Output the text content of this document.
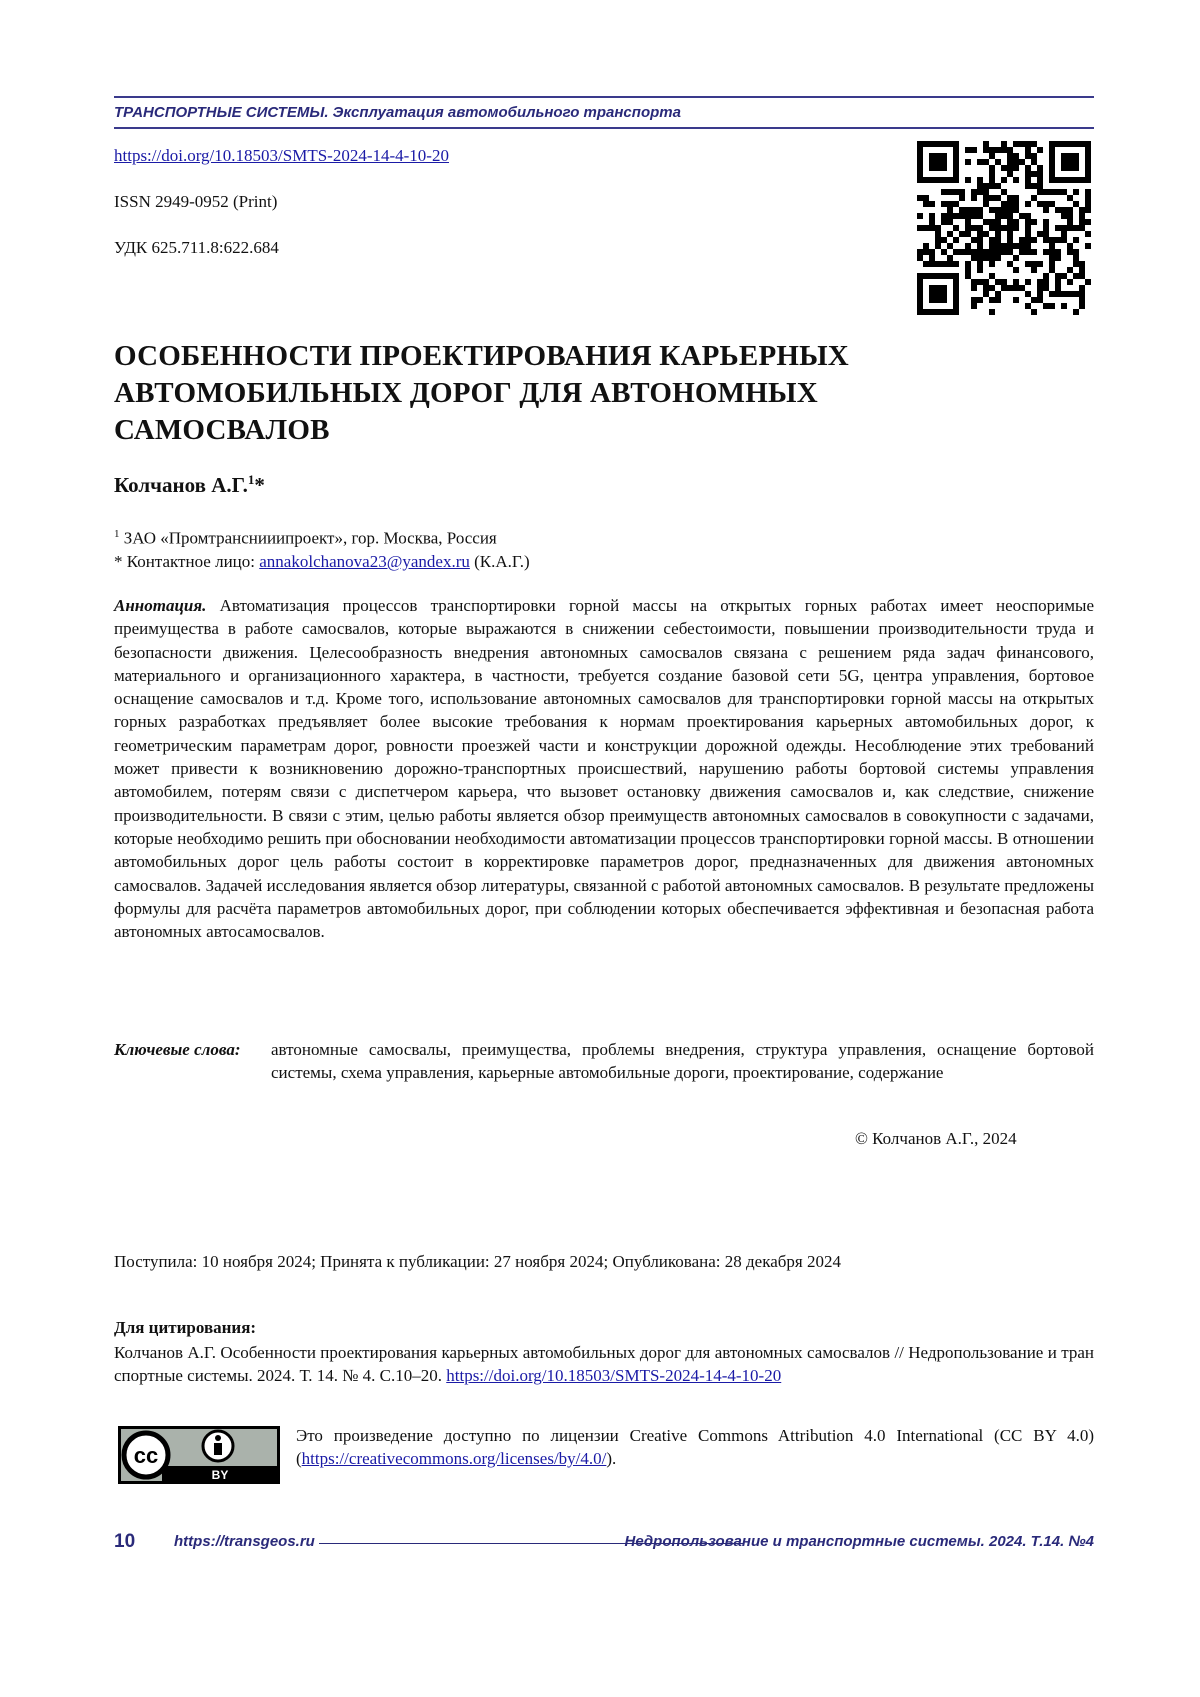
ТРАНСПОРТНЫЕ СИСТЕМЫ. Эксплуатация автомобильного транспорта
https://doi.org/10.18503/SMTS-2024-14-4-10-20
ISSN 2949-0952 (Print)
УДК 625.711.8:622.684
ОСОБЕННОСТИ ПРОЕКТИРОВАНИЯ КАРЬЕРНЫХ
АВТОМОБИЛЬНЫХ ДОРОГ ДЛЯ АВТОНОМНЫХ
САМОСВАЛОВ
Колчанов А.Г.1*
1 ЗАО «Промтранснииипроект», гор. Москва, Россия
* Контактное лицо: annakolchanova23@yandex.ru (К.А.Г.)

Аннотация. Автоматизация процессов транспортировки горной массы на открытых горных работах имеет неоспоримые преимущества в работе самосвалов, которые выражаются в снижении себестоимости, повышении производительности труда и безопасности движения. Целесообразность внедрения автономных самосвалов связана с решением ряда задач финансового, материального и организационного характера, в частности, требуется создание базовой сети 5G, центра управления, бортовое оснащение самосвалов и т.д. Кроме того, использование автономных самосвалов для транспортировки горной массы на открытых горных разработках предъявляет более высокие требования к нормам проектирования карьерных автомобильных дорог, к геометрическим параметрам дорог, ровности проезжей части и конструкции дорожной одежды. Несоблюдение этих требований может привести к возникновению дорожно-транспортных происшествий, нарушению работы бортовой системы управления автомобилем, потерям связи с диспетчером карьера, что вызовет остановку движения самосвалов и, как следствие, снижение производительности. В связи с этим, целью работы является обзор преимуществ автономных самосвалов в совокупности с задачами, которые необходимо решить при обосновании необходимости автоматизации процессов транспортировки горной массы. В отношении автомобильных дорог цель работы состоит в корректировке параметров дорог, предназначенных для движения автономных самосвалов. Задачей исследования является обзор литературы, связанной с работой автономных самосвалов. В результате предложены формулы для расчёта параметров автомобильных дорог, при соблюдении которых обеспечивается эффективная и безопасная работа автономных автосамосвалов.

Ключевые слова: автономные самосвалы, преимущества, проблемы внедрения, структура управления, оснащение бортовой системы, схема управления, карьерные автомобильные дороги, проектирование, содержание
© Колчанов А.Г., 2024
Поступила: 10 ноября 2024; Принята к публикации: 27 ноября 2024; Опубликована: 28 декабря 2024
Для цитирования:
Колчанов А.Г. Особенности проектирования карьерных автомобильных дорог для автономных самосвалов // Недропользование и транспортные системы. 2024. Т. 14. № 4. С.10–20. https://doi.org/10.18503/SMTS-2024-14-4-10-20
cc
BY
Это произведение доступно по лицензии Creative Commons Attribution 4.0 International (CC BY 4.0) (https://creativecommons.org/licenses/by/4.0/).
10	https://transgeos.ru	Недропользование и транспортные системы. 2024. Т.14. №4
